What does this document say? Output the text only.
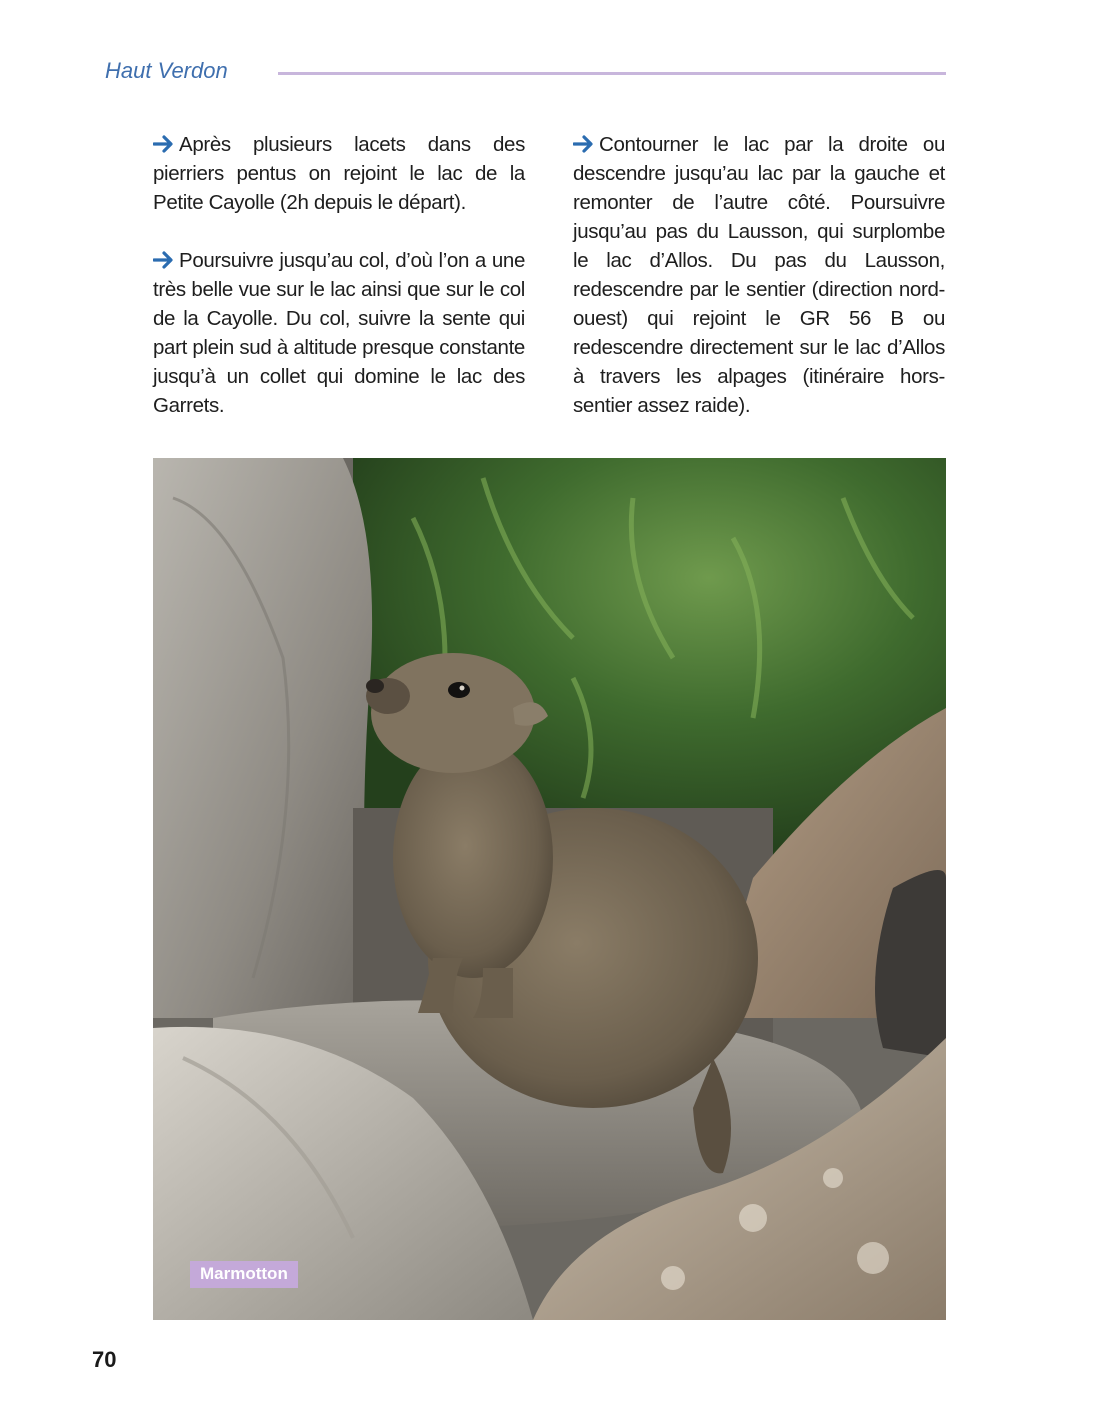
Haut Verdon

Après plusieurs lacets dans des pierriers pentus on rejoint le lac de la Petite Cayolle (2h depuis le départ).

Poursuivre jusqu’au col, d’où l’on a une très belle vue sur le lac ainsi que sur le col de la Cayolle. Du col, suivre la sente qui part plein sud à altitude presque constante jusqu’à un collet qui domine le lac des Garrets.

Contourner le lac par la droite ou descendre jusqu’au lac par la gauche et remonter de l’autre côté. Poursuivre jusqu’au pas du Lausson, qui surplombe le lac d’Allos. Du pas du Lausson, redescendre par le sentier (direction nord-ouest) qui rejoint le GR 56 B ou redescendre directement sur le lac d’Allos à travers les alpages (itinéraire hors-sentier assez raide).

Marmotton
70
